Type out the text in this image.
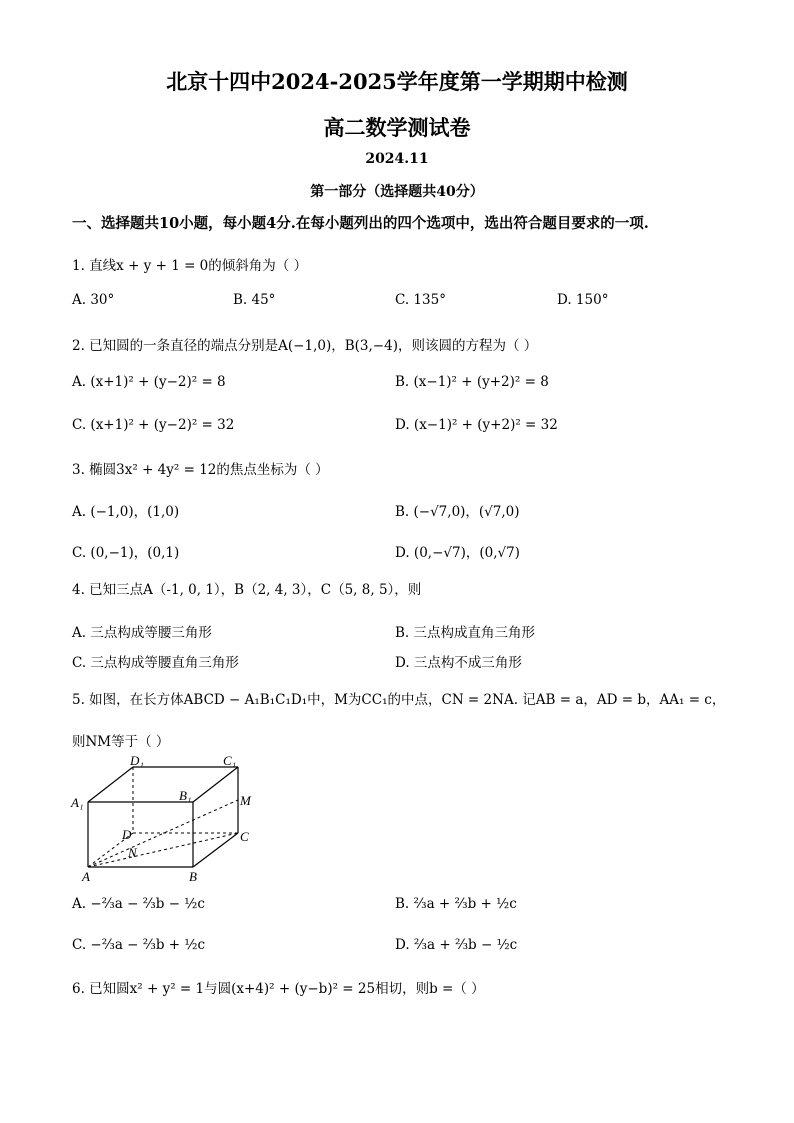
北京十四中2024-2025学年度第一学期期中检测
高二数学测试卷
2024.11
第一部分（选择题共40分）
一、选择题共10小题，每小题4分.在每小题列出的四个选项中，选出符合题目要求的一项.
1. 直线x + y + 1 = 0的倾斜角为（ ）
A. 30°	B. 45°	C. 135°	D. 150°
2. 已知圆的一条直径的端点分别是A(−1,0)，B(3,−4)，则该圆的方程为（ ）
A. (x+1)² + (y−2)² = 8	B. (x−1)² + (y+2)² = 8
C. (x+1)² + (y−2)² = 32	D. (x−1)² + (y+2)² = 32
3. 椭圆3x² + 4y² = 12的焦点坐标为（ ）
A. (−1,0)，(1,0)	B. (−√7,0)，(√7,0)
C. (0,−1)，(0,1)	D. (0,−√7)，(0,√7)
4. 已知三点A（-1, 0, 1），B（2, 4, 3），C（5, 8, 5），则
A. 三点构成等腰三角形	B. 三点构成直角三角形
C. 三点构成等腰直角三角形	D. 三点构不成三角形
5. 如图，在长方体ABCD − A₁B₁C₁D₁中，M为CC₁的中点，CN = 2NA. 记AB = a，AD = b，AA₁ = c，
则NM等于（ ）
D₁	C₁
A₁	B₁	M
D	C
N
A	B
A. −⅔a − ⅔b − ½c	B. ⅔a + ⅔b + ½c
C. −⅔a − ⅔b + ½c	D. ⅔a + ⅔b − ½c
6. 已知圆x² + y² = 1与圆(x+4)² + (y−b)² = 25相切，则b =（ ）
